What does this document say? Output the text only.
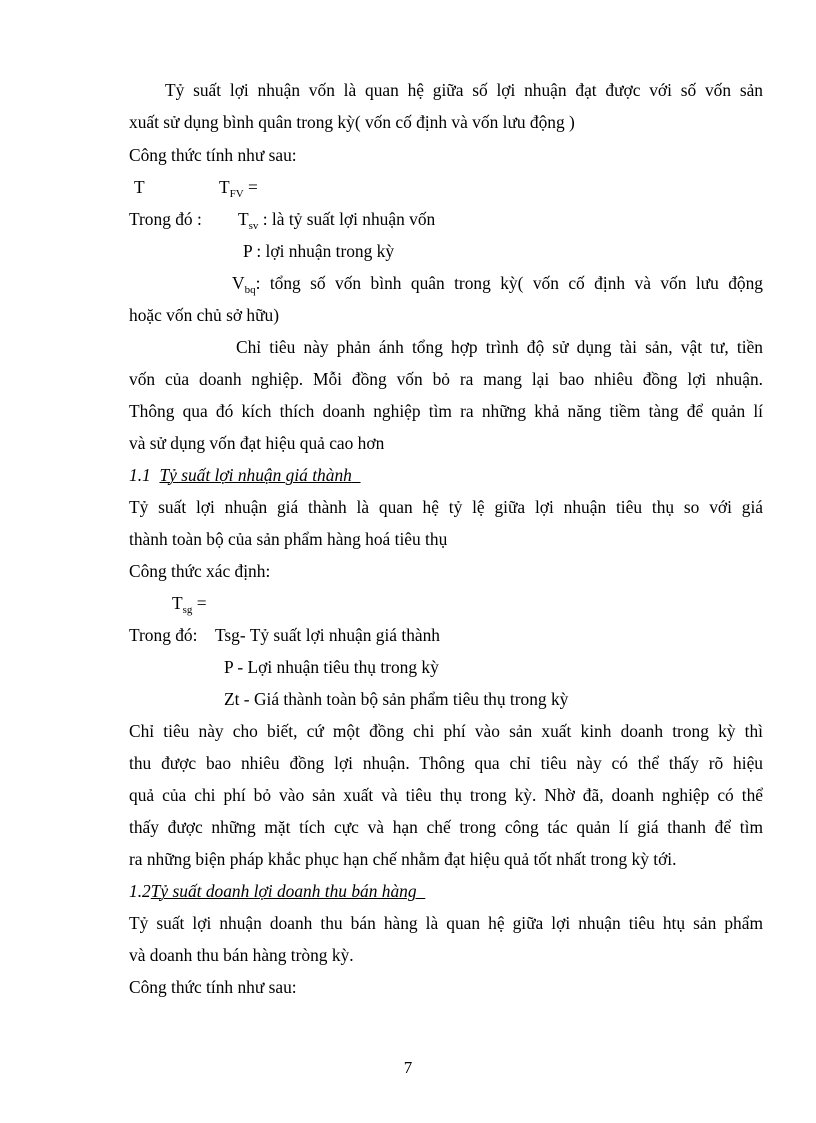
Tỷ suất lợi nhuận vốn là quan hệ giữa số lợi nhuận đạt được với số vốn sản
xuất sử dụng bình quân trong kỳ( vốn cố định và vốn lưu động )
Công thức tính như sau:
T	$T_{FV}$ =
Trong đó :	$T_{sv}$ : là tỷ suất lợi nhuận vốn
P : lợi nhuận trong kỳ
$V_{bq}$: tổng số vốn bình quân trong kỳ( vốn cố định và vốn lưu động
hoặc vốn chủ sở hữu)
Chỉ tiêu này phản ánh tổng hợp trình độ sử dụng tài sản, vật tư, tiền
vốn của doanh nghiệp. Mỗi đồng vốn bỏ ra mang lại bao nhiêu đồng lợi nhuận.
Thông qua đó kích thích doanh nghiệp tìm ra những khả năng tiềm tàng để quản lí
và sử dụng vốn đạt hiệu quả cao hơn
1.1 Tỷ suất lợi nhuận giá thành
Tỷ suất lợi nhuận giá thành là quan hệ tỷ lệ giữa lợi nhuận tiêu thụ so với giá
thành toàn bộ của sản phẩm hàng hoá tiêu thụ
Công thức xác định:
$T_{sg}$ =
Trong đó:	Tsg- Tỷ suất lợi nhuận giá thành
P - Lợi nhuận tiêu thụ trong kỳ
Zt - Giá thành toàn bộ sản phẩm tiêu thụ trong kỳ
Chỉ tiêu này cho biết, cứ một đồng chi phí vào sản xuất kinh doanh trong kỳ thì
thu được bao nhiêu đồng lợi nhuận. Thông qua chỉ tiêu này có thể thấy rõ hiệu
quả của chi phí bỏ vào sản xuất và tiêu thụ trong kỳ. Nhờ đã, doanh nghiệp có thể
thấy được những mặt tích cực và hạn chế trong công tác quản lí giá thanh để tìm
ra những biện pháp khắc phục hạn chế nhằm đạt hiệu quả tốt nhất trong kỳ tới.
1.2Tỷ suất doanh lợi doanh thu bán hàng
Tỷ suất lợi nhuận doanh thu bán hàng là quan hệ giữa lợi nhuận tiêu htụ sản phẩm
và doanh thu bán hàng tròng kỳ.
Công thức tính như sau:
7
